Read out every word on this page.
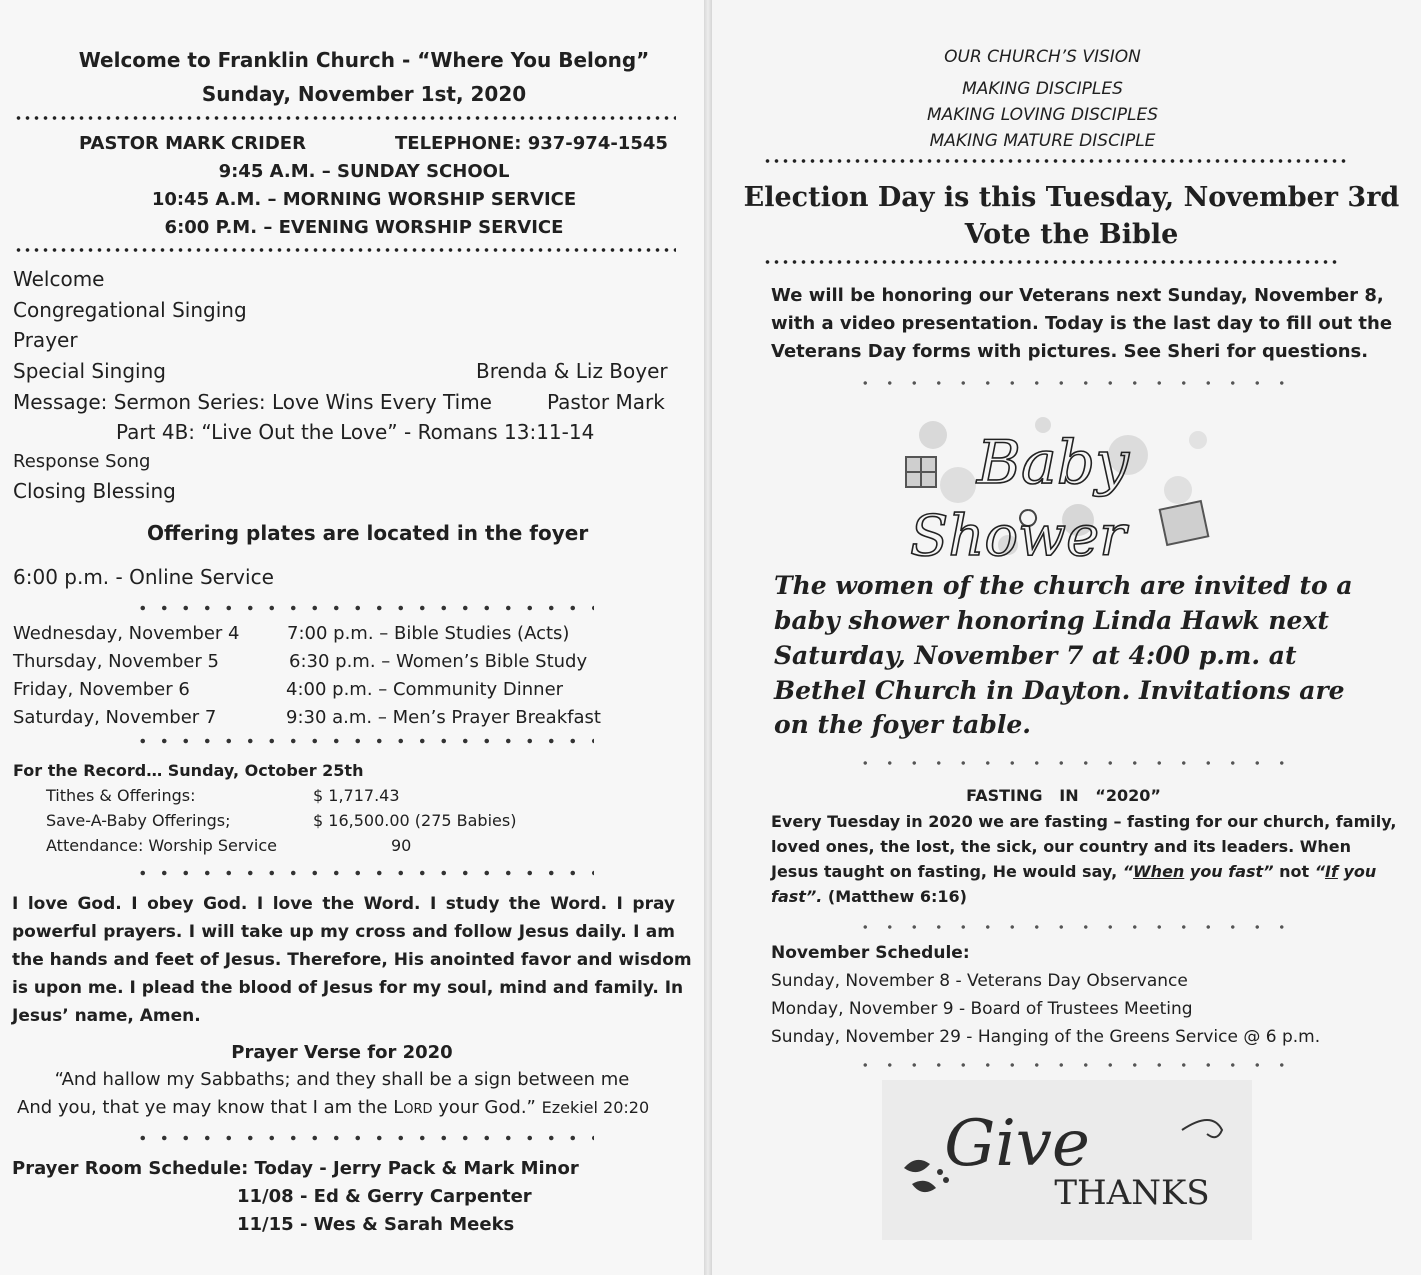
Welcome to Franklin Church - “Where You Belong”
Sunday, November 1st, 2020
PASTOR MARK CRIDER	TELEPHONE: 937-974-1545
9:45 A.M. – SUNDAY SCHOOL
10:45 A.M. – MORNING WORSHIP SERVICE
6:00 P.M. – EVENING WORSHIP SERVICE
Welcome
Congregational Singing
Prayer
Special Singing	Brenda & Liz Boyer
Message: Sermon Series: Love Wins Every Time	Pastor Mark
Part 4B: “Live Out the Love” - Romans 13:11-14
Response Song
Closing Blessing
Offering plates are located in the foyer
6:00 p.m. - Online Service
Wednesday, November 4	7:00 p.m. – Bible Studies (Acts)
Thursday, November 5	6:30 p.m. – Women’s Bible Study
Friday, November 6	4:00 p.m. – Community Dinner
Saturday, November 7	9:30 a.m. – Men’s Prayer Breakfast
For the Record… Sunday, October 25th
Tithes & Offerings:	$ 1,717.43
Save-A-Baby Offerings;	$ 16,500.00 (275 Babies)
Attendance: Worship Service	90
I love God. I obey God. I love the Word. I study the Word. I pray
powerful prayers. I will take up my cross and follow Jesus daily. I am
the hands and feet of Jesus. Therefore, His anointed favor and wisdom
is upon me. I plead the blood of Jesus for my soul, mind and family. In
Jesus’ name, Amen.
Prayer Verse for 2020
“And hallow my Sabbaths; and they shall be a sign between me
And you, that ye may know that I am the Lord your God.” Ezekiel 20:20
Prayer Room Schedule: Today - Jerry Pack & Mark Minor
11/08 - Ed & Gerry Carpenter
11/15 - Wes & Sarah Meeks
OUR CHURCH’S VISION
MAKING DISCIPLES
MAKING LOVING DISCIPLES
MAKING MATURE DISCIPLE
Election Day is this Tuesday, November 3rd
Vote the Bible
We will be honoring our Veterans next Sunday, November 8,
with a video presentation. Today is the last day to fill out the
Veterans Day forms with pictures. See Sheri for questions.
Baby
Shower
The women of the church are invited to a
baby shower honoring Linda Hawk next
Saturday, November 7 at 4:00 p.m. at
Bethel Church in Dayton. Invitations are
on the foyer table.
FASTING   IN   “2020”
Every Tuesday in 2020 we are fasting – fasting for our church, family,
loved ones, the lost, the sick, our country and its leaders. When
Jesus taught on fasting, He would say, “When you fast” not “If you
fast”. (Matthew 6:16)
November Schedule:
Sunday, November 8 - Veterans Day Observance
Monday, November 9 - Board of Trustees Meeting
Sunday, November 29 - Hanging of the Greens Service @ 6 p.m.
Give
THANKS
